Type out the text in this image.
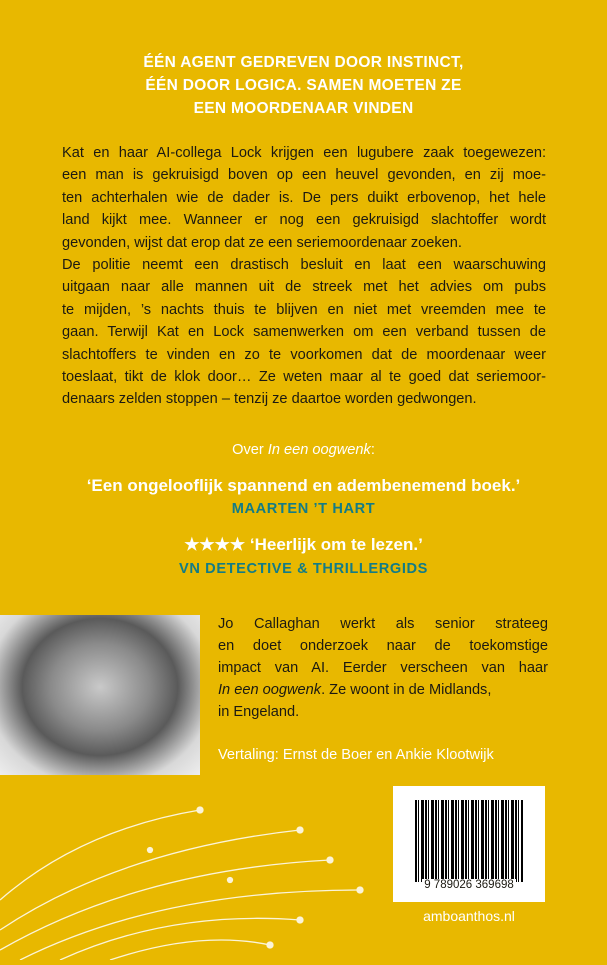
ÉÉN AGENT GEDREVEN DOOR INSTINCT,
ÉÉN DOOR LOGICA. SAMEN MOETEN ZE
EEN MOORDENAAR VINDEN
Kat en haar AI-collega Lock krijgen een lugubere zaak toegewezen:
een man is gekruisigd boven op een heuvel gevonden, en zij moe-
ten achterhalen wie de dader is. De pers duikt erbovenop, het hele
land kijkt mee. Wanneer er nog een gekruisigd slachtoffer wordt
gevonden, wijst dat erop dat ze een seriemoordenaar zoeken.
De politie neemt een drastisch besluit en laat een waarschuwing
uitgaan naar alle mannen uit de streek met het advies om pubs
te mijden, ’s nachts thuis te blijven en niet met vreemden mee te
gaan. Terwijl Kat en Lock samenwerken om een verband tussen de
slachtoffers te vinden en zo te voorkomen dat de moordenaar weer
toeslaat, tikt de klok door… Ze weten maar al te goed dat seriemoor-
denaars zelden stoppen – tenzij ze daartoe worden gedwongen.
Over In een oogwenk:
‘Een ongelooflijk spannend en adembenemend boek.’
MAARTEN ’T HART
★★★★ ‘Heerlijk om te lezen.’
VN DETECTIVE & THRILLERGIDS
Jo Callaghan werkt als senior strateeg
en doet onderzoek naar de toekomstige
impact van AI. Eerder verscheen van haar
In een oogwenk. Ze woont in de Midlands,
in Engeland.
Vertaling: Ernst de Boer en Ankie Klootwijk
9 789026 369698
amboanthos.nl
